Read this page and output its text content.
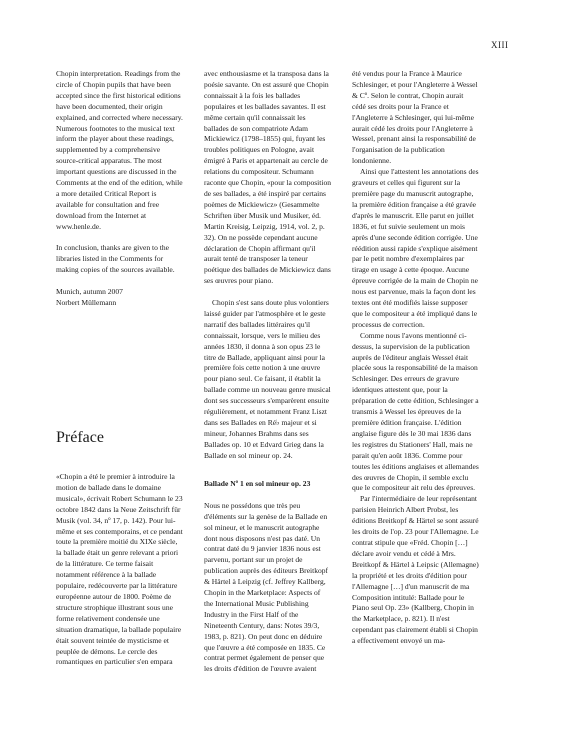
XIII

Chopin interpretation. Readings from the circle of Chopin pupils that have been accepted since the first historical editions have been documented, their origin explained, and corrected where necessary. Numerous footnotes to the musical text inform the player about these readings, supplemented by a comprehensive source-critical apparatus. The most important questions are discussed in the Comments at the end of the edition, while a more detailed Critical Report is available for consultation and free download from the Internet at www.henle.de.

In conclusion, thanks are given to the libraries listed in the Comments for making copies of the sources available.

Munich, autumn 2007

Norbert Müllemann

Préface

«Chopin a été le premier à introduire la motion de ballade dans le domaine musical», écrivait Robert Schumann le 23 octobre 1842 dans la Neue Zeitschrift für Musik (vol. 34, nº 17, p. 142). Pour lui-même et ses contemporains, et ce pendant toute la première moitié du XIXe siècle, la ballade était un genre relevant a priori de la littérature. Ce terme faisait notamment référence à la ballade populaire, redécouverte par la littérature européenne autour de 1800. Poème de structure strophique illustrant sous une forme relativement condensée une situation dramatique, la ballade populaire était souvent teintée de mysticisme et peuplée de démons. Le cercle des romantiques en particulier s'en empara

avec enthousiasme et la transposa dans la poésie savante. On est assuré que Chopin connaissait à la fois les ballades populaires et les ballades savantes. Il est même certain qu'il connaissait les ballades de son compatriote Adam Mickiewicz (1798–1855) qui, fuyant les troubles politiques en Pologne, avait émigré à Paris et appartenait au cercle de relations du compositeur. Schumann raconte que Chopin, «pour la composition de ses ballades, a été inspiré par certains poèmes de Mickiewicz» (Gesammelte Schriften über Musik und Musiker, éd. Martin Kreisig, Leipzig, 1914, vol. 2, p. 32). On ne possède cependant aucune déclaration de Chopin affirmant qu'il aurait tenté de transposer la teneur poétique des ballades de Mickiewicz dans ses œuvres pour piano.

Chopin s'est sans doute plus volontiers laissé guider par l'atmosphère et le geste narratif des ballades littéraires qu'il connaissait, lorsque, vers le milieu des années 1830, il donna à son opus 23 le titre de Ballade, appliquant ainsi pour la première fois cette notion à une œuvre pour piano seul. Ce faisant, il établit la ballade comme un nouveau genre musical dont ses successeurs s'emparèrent ensuite régulièrement, et notamment Franz Liszt dans ses Ballades en Ré♭ majeur et si mineur, Johannes Brahms dans ses Ballades op. 10 et Edvard Grieg dans la Ballade en sol mineur op. 24.

Ballade Nº 1 en sol mineur op. 23

Nous ne possédons que très peu d'éléments sur la genèse de la Ballade en sol mineur, et le manuscrit autographe dont nous disposons n'est pas daté. Un contrat daté du 9 janvier 1836 nous est parvenu, portant sur un projet de publication auprès des éditeurs Breitkopf & Härtel à Leipzig (cf. Jeffrey Kallberg, Chopin in the Marketplace: Aspects of the International Music Publishing Industry in the First Half of the Nineteenth Century, dans: Notes 39/3, 1983, p. 821). On peut donc en déduire que l'œuvre a été composée en 1835. Ce contrat permet également de penser que les droits d'édition de l'œuvre avaient

été vendus pour la France à Maurice Schlesinger, et pour l'Angleterre à Wessel & Cº. Selon le contrat, Chopin aurait cédé ses droits pour la France et l'Angleterre à Schlesinger, qui lui-même aurait cédé les droits pour l'Angleterre à Wessel, prenant ainsi la responsabilité de l'organisation de la publication londonienne.

Ainsi que l'attestent les annotations des graveurs et celles qui figurent sur la première page du manuscrit autographe, la première édition française a été gravée d'après le manuscrit. Elle parut en juillet 1836, et fut suivie seulement un mois après d'une seconde édition corrigée. Une réédition aussi rapide s'explique aisément par le petit nombre d'exemplaires par tirage en usage à cette époque. Aucune épreuve corrigée de la main de Chopin ne nous est parvenue, mais la façon dont les textes ont été modifiés laisse supposer que le compositeur a été impliqué dans le processus de correction.

Comme nous l'avons mentionné ci-dessus, la supervision de la publication auprès de l'éditeur anglais Wessel était placée sous la responsabilité de la maison Schlesinger. Des erreurs de gravure identiques attestent que, pour la préparation de cette édition, Schlesinger a transmis à Wessel les épreuves de la première édition française. L'édition anglaise figure dès le 30 mai 1836 dans les registres du Stationers' Hall, mais ne parait qu'en août 1836. Comme pour toutes les éditions anglaises et allemandes des œuvres de Chopin, il semble exclu que le compositeur ait relu des épreuves.

Par l'intermédiaire de leur représentant parisien Heinrich Albert Probst, les éditions Breitkopf & Härtel se sont assuré les droits de l'op. 23 pour l'Allemagne. Le contrat stipule que «Fréd. Chopin […] déclare avoir vendu et cédé à Mrs. Breitkopf & Härtel à Leipsic (Allemagne) la propriété et les droits d'édition pour l'Allemagne […] d'un manuscrit de ma Composition intitulé: Ballade pour le Piano seul Op. 23» (Kallberg, Chopin in the Marketplace, p. 821). Il n'est cependant pas clairement établi si Chopin a effectivement envoyé un ma-
